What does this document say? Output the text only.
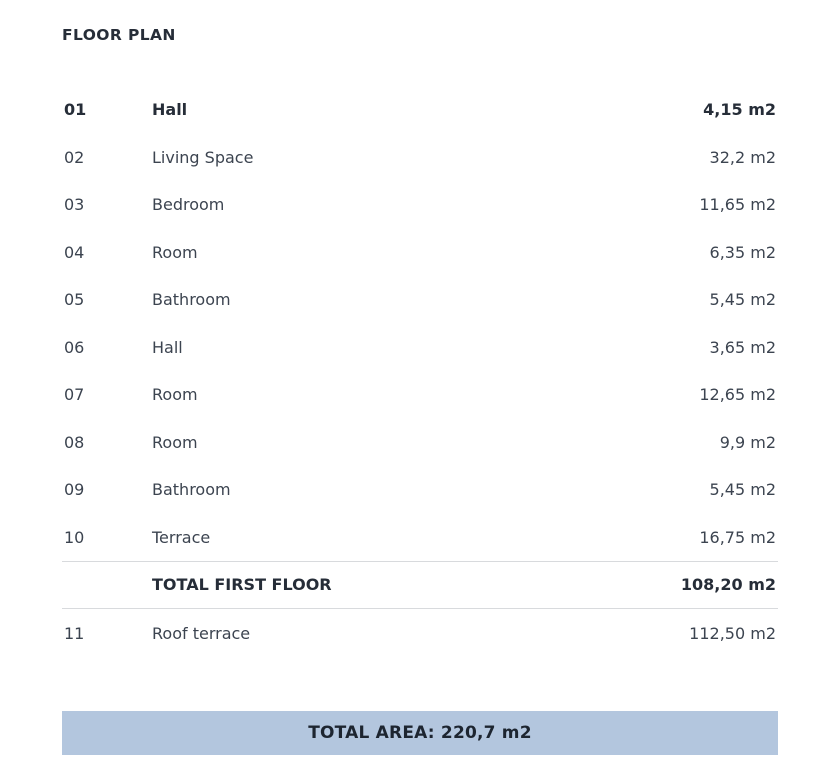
FLOOR PLAN
01	Hall	4,15 m2
02	Living Space	32,2 m2
03	Bedroom	11,65 m2
04	Room	6,35 m2
05	Bathroom	5,45 m2
06	Hall	3,65 m2
07	Room	12,65 m2
08	Room	9,9 m2
09	Bathroom	5,45 m2
10	Terrace	16,75 m2
	TOTAL FIRST FLOOR	108,20 m2
11	Roof terrace	112,50 m2
TOTAL AREA: 220,7 m2
